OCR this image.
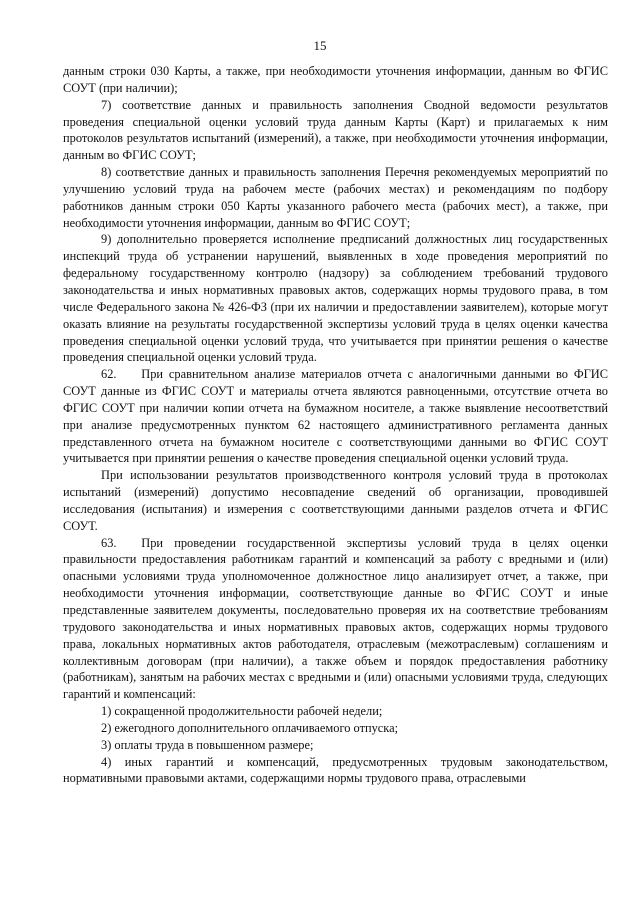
15

данным строки 030 Карты, а также, при необходимости уточнения информации, данным во ФГИС СОУТ (при наличии);

7) соответствие данных и правильность заполнения Сводной ведомости результатов проведения специальной оценки условий труда данным Карты (Карт) и прилагаемых к ним протоколов результатов испытаний (измерений), а также, при необходимости уточнения информации, данным во ФГИС СОУТ;

8) соответствие данных и правильность заполнения Перечня рекомендуемых мероприятий по улучшению условий труда на рабочем месте (рабочих местах) и рекомендациям по подбору работников данным строки 050 Карты указанного рабочего места (рабочих мест), а также, при необходимости уточнения информации, данным во ФГИС СОУТ;

9) дополнительно проверяется исполнение предписаний должностных лиц государственных инспекций труда об устранении нарушений, выявленных в ходе проведения мероприятий по федеральному государственному контролю (надзору) за соблюдением требований трудового законодательства и иных нормативных правовых актов, содержащих нормы трудового права, в том числе Федерального закона № 426-ФЗ (при их наличии и предоставлении заявителем), которые могут оказать влияние на результаты государственной экспертизы условий труда в целях оценки качества проведения специальной оценки условий труда, что учитывается при принятии решения о качестве проведения специальной оценки условий труда.

62.  При сравнительном анализе материалов отчета с аналогичными данными во ФГИС СОУТ данные из ФГИС СОУТ и материалы отчета являются равноценными, отсутствие отчета во ФГИС СОУТ при наличии копии отчета на бумажном носителе, а также выявление несоответствий при анализе предусмотренных пунктом 62 настоящего административного регламента данных представленного отчета на бумажном носителе с соответствующими данными во ФГИС СОУТ учитывается при принятии решения о качестве проведения специальной оценки условий труда.

При использовании результатов производственного контроля условий труда в протоколах испытаний (измерений) допустимо несовпадение сведений об организации, проводившей исследования (испытания) и измерения с соответствующими данными разделов отчета и ФГИС СОУТ.

63.  При проведении государственной экспертизы условий труда в целях оценки правильности предоставления работникам гарантий и компенсаций за работу с вредными и (или) опасными условиями труда уполномоченное должностное лицо анализирует отчет, а также, при необходимости уточнения информации, соответствующие данные во ФГИС СОУТ и иные представленные заявителем документы, последовательно проверяя их на соответствие требованиям трудового законодательства и иных нормативных правовых актов, содержащих нормы трудового права, локальных нормативных актов работодателя, отраслевым (межотраслевым) соглашениям и коллективным договорам (при наличии), а также объем и порядок предоставления работнику (работникам), занятым на рабочих местах с вредными и (или) опасными условиями труда, следующих гарантий и компенсаций:

1) сокращенной продолжительности рабочей недели;

2) ежегодного дополнительного оплачиваемого отпуска;

3) оплаты труда в повышенном размере;

4) иных гарантий и компенсаций, предусмотренных трудовым законодательством, нормативными правовыми актами, содержащими нормы трудового права, отраслевыми
